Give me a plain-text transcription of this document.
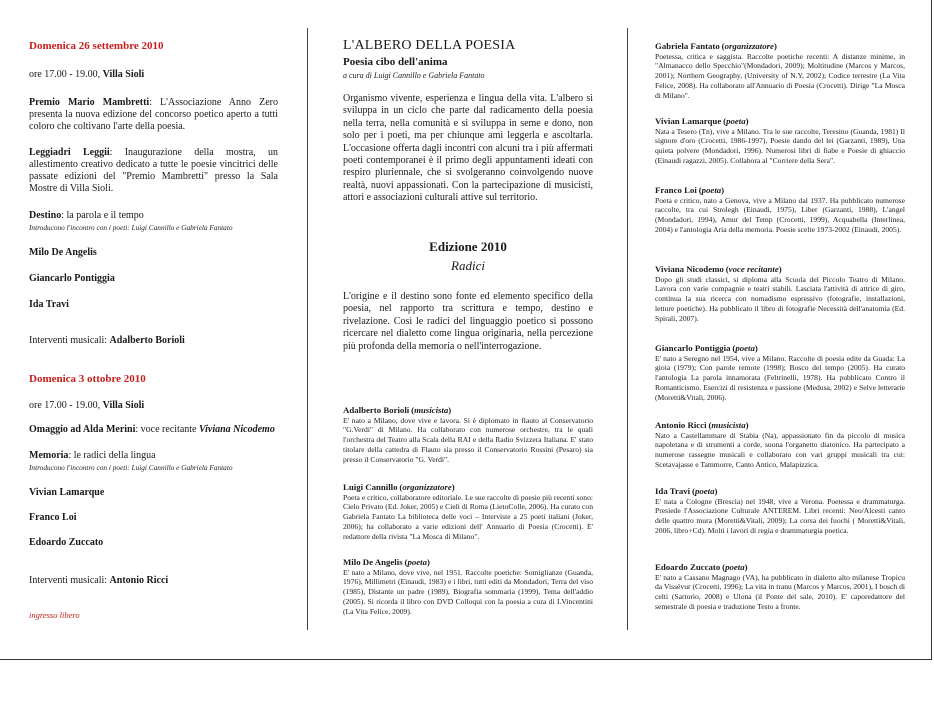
Domenica 26 settembre 2010
ore 17.00 - 19.00, Villa Sioli
Premio Mario Mambretti: L'Associazione Anno Zero presenta la nuova edizione del concorso poetico aperto a tutti coloro che coltivano l'arte della poesia.
Leggiadri Leggii: Inaugurazione della mostra, un allestimento creativo dedicato a tutte le poesie vincitrici delle passate edizioni del "Premio Mambretti" presso la Sala Mostre di Villa Sioli.
Destino: la parola e il tempo
Introducono l'incontro con i poeti: Luigi Cannillo e Gabriela Fantato
Milo De Angelis
Giancarlo Pontiggia
Ida Travi
Interventi musicali: Adalberto Borioli
Domenica 3 ottobre 2010
ore 17.00 - 19.00, Villa Sioli
Omaggio ad Alda Merini: voce recitante Viviana Nicodemo
Memoria: le radici della lingua
Introducono l'incontro con i poeti: Luigi Cannillo e Gabriela Fantato
Vivian Lamarque
Franco Loi
Edoardo Zuccato
Interventi musicali: Antonio Ricci
ingresso libero
L'ALBERO DELLA POESIA
Poesia cibo dell'anima
a cura di Luigi Cannillo e Gabriela Fantato
Organismo vivente, esperienza e lingua della vita. L'albero si sviluppa in un ciclo che parte dal radicamento della poesia nella terra, nella comunità e si sviluppa in seme e dono, non solo per i poeti, ma per chiunque ami leggerla e ascoltarla. L'occasione offerta dagli incontri con alcuni tra i più affermati poeti contemporanei è il primo degli appuntamenti ideati con respiro pluriennale, che si svolgeranno coinvolgendo nuove realtà, nuovi appassionati. Con la partecipazione di musicisti, attori e associazioni culturali attive sul territorio.
Edizione 2010
Radici
L'origine e il destino sono fonte ed elemento specifico della poesia, nel rapporto tra scrittura e tempo, destino e rivelazione. Così le radici del linguaggio poetico si possono ricercare nel dialetto come lingua originaria, nella percezione più profonda della memoria o nell'interrogazione.
Adalberto Borioli (musicista)
E' nato a Milano, dove vive e lavora. Si è diplomato in flauto al Conservatorio "G.Verdi" di Milano. Ha collaborato con numerose orchestre, tra le quali l'orchestra del Teatro alla Scala della RAI e della Radio Svizzera Italiana. E' stato titolare della cattedra di Flauto sia presso il Conservatorio Rossini (Pesaro) sia presso il Conservatorio "G. Verdi".
Luigi Cannillo (organizzatore)
Poeta e critico, collaboratore editoriale. Le sue raccolte di poesie più recenti sono: Cielo Privato (Ed. Joker, 2005) e Cieli di Roma (LietoColle, 2006). Ha curato con Gabriela Fantato La biblioteca delle voci – Interviste a 25 poeti italiani (Joker, 2006); ha collaborato a varie edizioni dell' Annuario di Poesia (Crocetti). E' redattore della rivista "La Mosca di Milano".
Milo De Angelis (poeta)
E' nato a Milano, dove vive, nel 1951. Raccolte poetiche: Somiglianze (Guanda, 1976), Millimetri (Einaudi, 1983) e i libri, tutti editi da Mondadori, Terra del viso (1985), Distante un padre (1989), Biografia sommaria (1999), Tema dell'addio (2005). Si ricorda il libro con DVD Colloqui con la poesia a cura di I.Vincentini (La Vita Felice, 2009).
Gabriela Fantato (organizzatore)
Poetessa, critica e saggista. Raccolte poetiche recenti: A distanze minime, in "Almanacco dello Specchio"(Mondadori, 2009); Moltitudine (Marcos y Marcos, 2001); Northern Geography, (University of N.Y, 2002); Codice terrestre (La Vita Felice, 2008). Ha collaborato all'Annuario di Poesia (Crocetti). Dirige "La Mosca di Milano".
Vivian Lamarque (poeta)
Nata a Tesero (Tn), vive a Milano. Tra le sue raccolte, Teresino (Guanda, 1981) Il signore d'oro (Crocetti, 1986-1997), Poesie dando del lei (Garzanti, 1989), Una quieta polvere (Mondadori, 1996). Numerosi libri di fiabe e Poesie di ghiaccio (Einaudi ragazzi, 2005). Collabora al "Corriere della Sera".
Franco Loi (poeta)
Poeta e critico, nato a Genova, vive a Milano dal 1937. Ha pubblicato numerose raccolte, tra cui Strolegh (Einaudi, 1975), Liber (Garzanti, 1988), L'angel (Mondadori, 1994), Amur del Temp (Crocetti, 1999), Acquabella (Interlinea, 2004) e l'antologia Aria della memoria. Poesie scelte 1973-2002 (Einaudi, 2005).
Viviana Nicodemo (voce recitante)
Dopo gli studi classici, si diploma alla Scuola del Piccolo Teatro di Milano. Lavora con varie compagnie e teatri stabili. Lasciata l'attività di attrice di giro, continua la sua ricerca con nomadismo espressivo (fotografie, installazioni, letture poetiche). Ha pubblicato il libro di fotografie Necessità dell'anatomia (Ed. Spirali, 2007).
Giancarlo Pontiggia (poeta)
E' nato a Seregno nel 1954, vive a Milano. Raccolte di poesia edite da Guada: La gioia (1979); Con parole remote (1998); Bosco del tempo (2005). Ha curato l'antologia La parola innamorata (Feltrinelli, 1978). Ha pubblicato Contro il Romanticismo. Esercizi di resistenza e passione (Medusa, 2002) e Selve letterarie (Moretti&Vitali, 2006).
Antonio Ricci (musicista)
Nato a Castellammare di Stabia (Na), appassionato fin da piccolo di musica napoletana e di strumenti a corde, suona l'organetto diatonico. Ha partecipato a numerose rassegne musicali e collaborato con vari gruppi musicali tra cui: Scetavajasse e Tammorre, Canto Antico, Malapizzica.
Ida Travi (poeta)
E' nata a Cologne (Brescia) nel 1948, vive a Verona. Poetessa e drammaturga. Presiede l'Associazione Culturale ANTEREM. Libri recenti: Neo/Alcesti canto delle quattro mura (Moretti&Vitali, 2009); La corsa dei fuochi ( Moretti&Vitali, 2006, libro+Cd). Molti i lavori di regia e drammaturgia poetica.
Edoardo Zuccato (poeta)
E' nato a Cassano Magnago (VA), ha pubblicato in dialetto alto milanese Tropicu da Vissévur (Crocetti, 1996); La vita in tranu (Marcos y Marcos, 2001), I bosch di celti (Sartorio, 2008) e Ulona (il Ponte del sale, 2010). E' caporedattore del semestrale di poesia e traduzione Testo a fronte.
